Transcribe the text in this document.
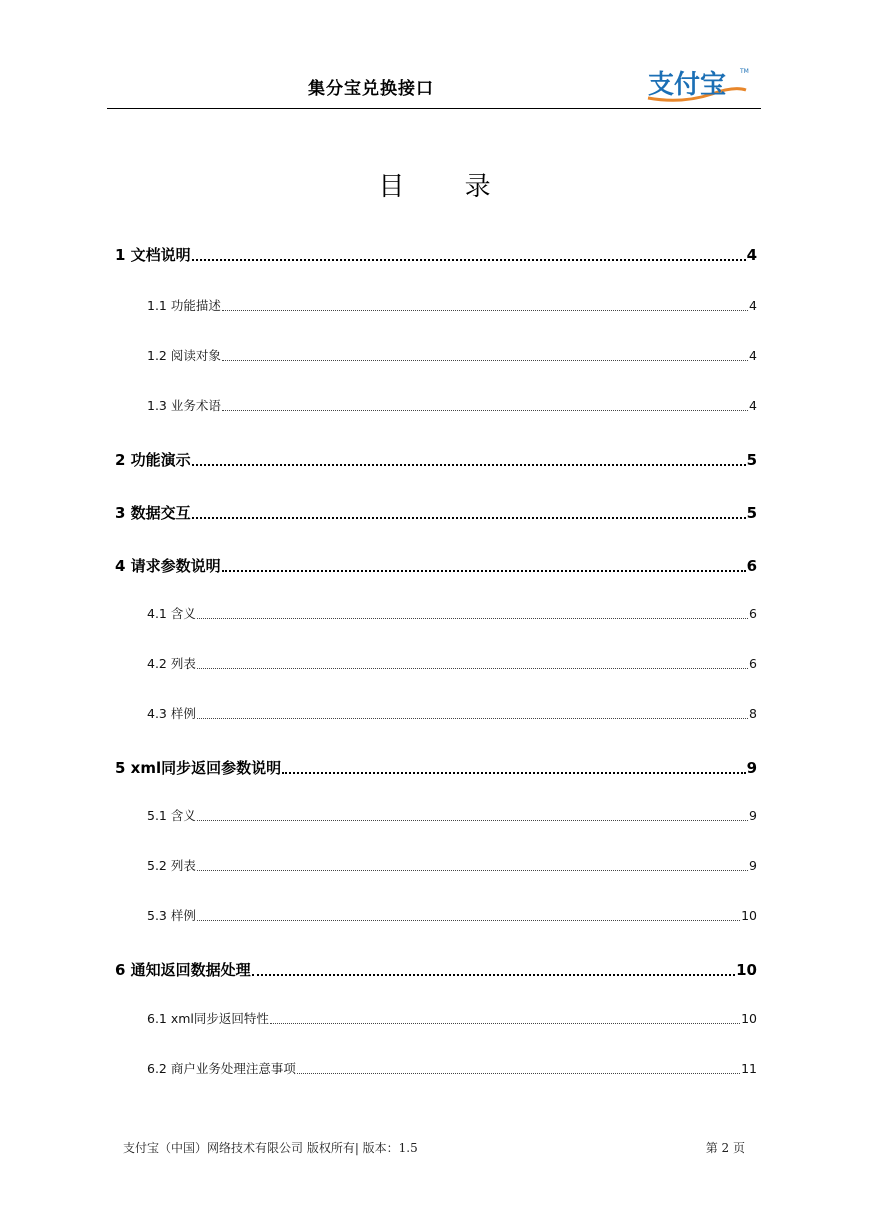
集分宝兑换接口	支付宝 TM
目 录
1 文档说明	4
1.1 功能描述	4
1.2 阅读对象	4
1.3 业务术语	4
2 功能演示	5
3 数据交互	5
4 请求参数说明	6
4.1 含义	6
4.2 列表	6
4.3 样例	8
5 xml同步返回参数说明	9
5.1 含义	9
5.2 列表	9
5.3 样例	10
6 通知返回数据处理	10
6.1 xml同步返回特性	10
6.2 商户业务处理注意事项	11
支付宝（中国）网络技术有限公司 版权所有| 版本：1.5	第 2 页
